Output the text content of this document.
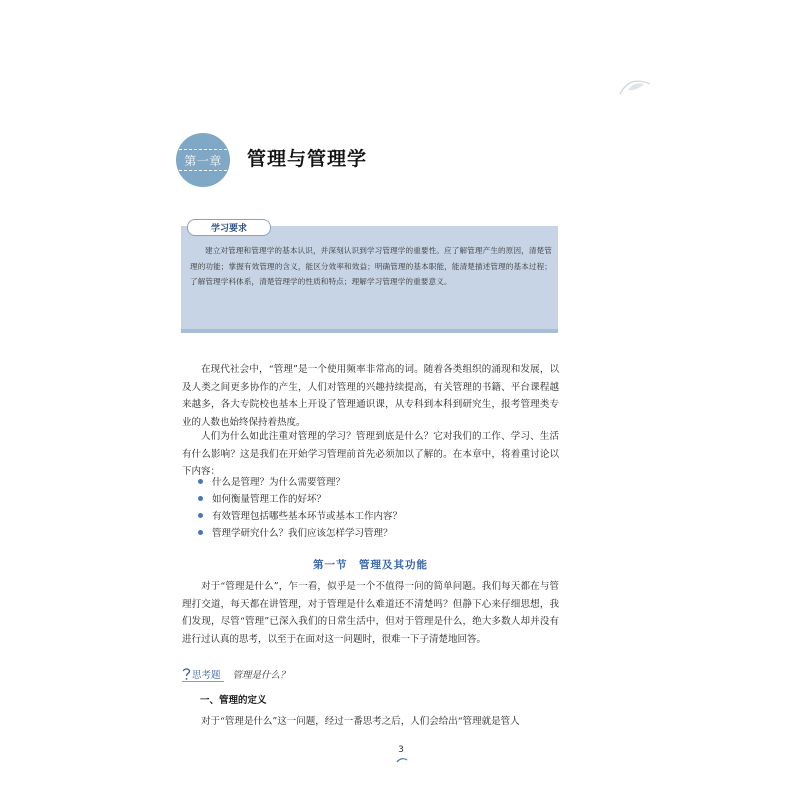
第一章 管理与管理学
学习要求
建立对管理和管理学的基本认识，并深刻认识到学习管理学的重要性。应了解管理产生的原因，清楚管理的功能；掌握有效管理的含义，能区分效率和效益；明确管理的基本职能，能清楚描述管理的基本过程；了解管理学科体系，清楚管理学的性质和特点；理解学习管理学的重要意义。
在现代社会中，“管理”是一个使用频率非常高的词。随着各类组织的涌现和发展，以及人类之间更多协作的产生，人们对管理的兴趣持续提高，有关管理的书籍、平台课程越来越多，各大专院校也基本上开设了管理通识课，从专科到本科到研究生，报考管理类专业的人数也始终保持着热度。
人们为什么如此注重对管理的学习？管理到底是什么？它对我们的工作、学习、生活有什么影响？这是我们在开始学习管理前首先必须加以了解的。在本章中，将着重讨论以下内容：
什么是管理？为什么需要管理？
如何衡量管理工作的好坏？
有效管理包括哪些基本环节或基本工作内容？
管理学研究什么？我们应该怎样学习管理？
第一节　管理及其功能
对于“管理是什么”，乍一看，似乎是一个不值得一问的简单问题。我们每天都在与管理打交道，每天都在讲管理，对于管理是什么难道还不清楚吗？但静下心来仔细思想，我们发现，尽管“管理”已深入我们的日常生活中，但对于管理是什么，绝大多数人却并没有进行过认真的思考，以至于在面对这一问题时，很难一下子清楚地回答。
思考题 管理是什么？
一、管理的定义
对于“管理是什么”这一问题，经过一番思考之后，人们会给出“管理就是管人
3
